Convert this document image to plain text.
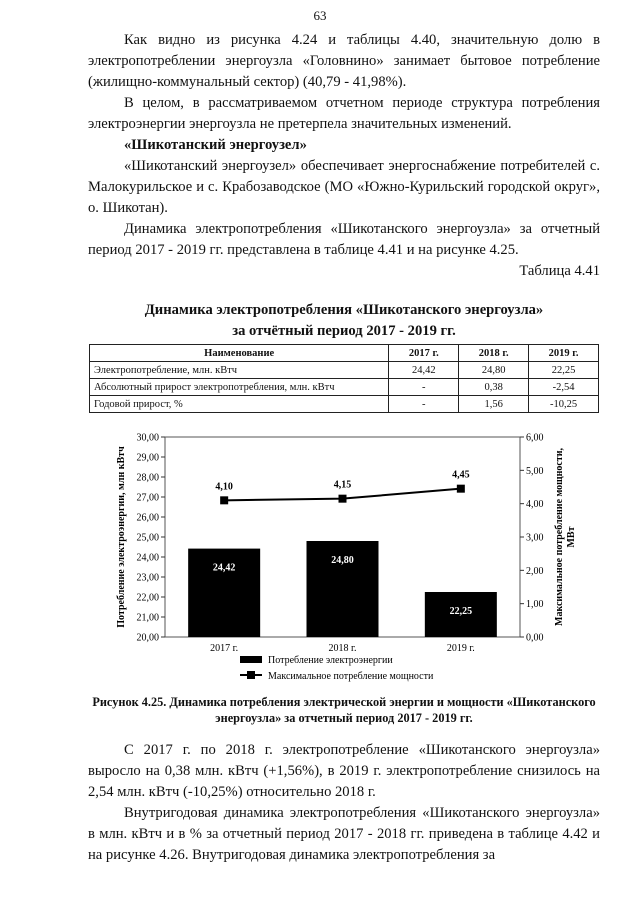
63

Как видно из рисунка 4.24 и таблицы 4.40, значительную долю в электропотреблении энергоузла «Головнино» занимает бытовое потребление (жилищно-коммунальный сектор) (40,79 - 41,98%).

В целом, в рассматриваемом отчетном периоде структура потребления электроэнергии энергоузла не претерпела значительных изменений.

«Шикотанский энергоузел»

«Шикотанский энергоузел» обеспечивает энергоснабжение потребителей с. Малокурильское и с. Крабозаводское (МО «Южно-Курильский городской округ», о. Шикотан).

Динамика электропотребления «Шикотанского энергоузла» за отчетный период 2017 - 2019 гг. представлена в таблице 4.41 и на рисунке 4.25.

Таблица 4.41

Динамика электропотребления «Шикотанского энергоузла»
за отчётный период 2017 - 2019 гг.
Наименование	2017 г.	2018 г.	2019 г.
Электропотребление, млн. кВтч	24,42	24,80	22,25
Абсолютный прирост электропотребления, млн. кВтч	-	0,38	-2,54
Годовой прирост, %	-	1,56	-10,25
20,00
21,00
22,00
23,00
24,00
25,00
26,00
27,00
28,00
29,00
30,00
0,00
1,00
2,00
3,00
4,00
5,00
6,00
Потребление электроэнергии, млн кВтч	Максимальное потребление мощности, МВт
2017 г.
24,42
2018 г.
24,80
2019 г.
22,25
4,10	4,15
4,45
Потребление электроэнергии
Максимальное потребление мощности
Рисунок 4.25. Динамика потребления электрической энергии и мощности «Шикотанского энергоузла» за отчетный период 2017 - 2019 гг.

С 2017 г. по 2018 г. электропотребление «Шикотанского энергоузла» выросло на 0,38 млн. кВтч (+1,56%), в 2019 г. электропотребление снизилось на 2,54 млн. кВтч (-10,25%) относительно 2018 г.

Внутригодовая динамика электропотребления «Шикотанского энергоузла» в млн. кВтч и в % за отчетный период 2017 - 2018 гг. приведена в таблице 4.42 и на рисунке 4.26. Внутригодовая динамика электропотребления за
